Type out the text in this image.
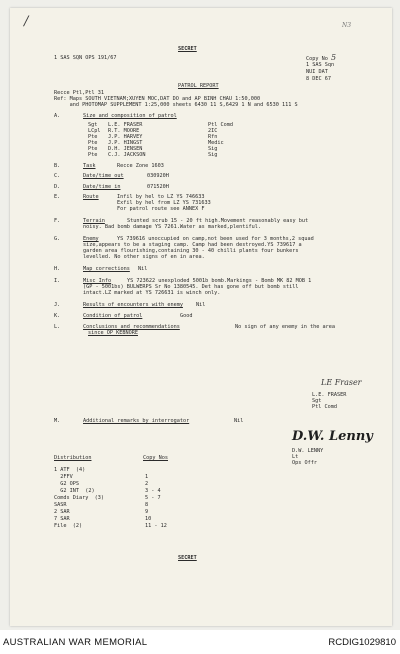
/	N3
SECRET
1 SAS SQN OPS 191/67	Copy No 5
1 SAS Sqn
NUI DAT
8 DEC 67
PATROL REPORT
Recce Ptl,Ptl 31
Ref: Maps SOUTH VIETNAM;XUYEN MOC,DAT DO and AP BINH CHAU 1:50,000
and PHOTOMAP SUPPLEMENT 1:25,000 sheets 6430 11 S,6429 1 N and 6530 111 S
A.	Size and composition of patrol
Sgt L.E. FRASER	Ptl Comd
LCpl R.T. MOORE	2IC
Pte J.P. HARVEY	Rfn
Pte J.P. HINGST	Medic
Pte D.H. JENSEN	Sig
Pte C.J. JACKSON	Sig
B.	Task	Recce Zone 1603
C.	Date/time out	030920H
D.	Date/time in	071520H
E.	Route	Infil by hel to LZ YS 746633
Exfil by hel from LZ YS 731633
For patrol route see ANNEX F
F.	Terrain	Stunted scrub 15 - 20 ft high.Movement reasonably easy but
noisy. Bad bomb damage YS 7261.Water as marked,plentiful.
G.	Enemy	YS 739616 unoccupied on camp,not been used for 3 months,2 squad
size,appears to be a staging camp. Camp had been destroyed.YS 739617 a
garden area flourishing,containing 30 - 40 chilli plants four bunkers
levelled. No other signs of en in area.
H.	Map corrections Nil
I.	Misc Info	YS 723622 unexploded 5001b bomb.Markings - Bomb MK 82 MOB 1
(GP - 5001bs) BULWERPS Sr No 1380545. Det has gone off but bomb still
intact.LZ marked at YS 726631 is winch only.
J.	Results of encounters with enemy	Nil
K.	Condition of patrol	Good
L.	Conclusions and recommendations
since OP KEBNORE
No sign of any enemy in the area
LE Fraser
L.E. FRASER
Sgt
Ptl Comd
M.	Additional remarks by interrogator	Nil
D.W. Lenny
D.W. LENNY
Lt
Ops Offr
Distribution	Copy Nos
1 ATF  (4)
2FFV	1
G2 OPS	2
G2 INT  (2)	3 - 4
Comds Diary  (3)	5 - 7
SASR	8
2 SAR	9
7 SAR	10
File  (2)	11 - 12
SECRET
AUSTRALIAN WAR MEMORIAL	RCDIG1029810
